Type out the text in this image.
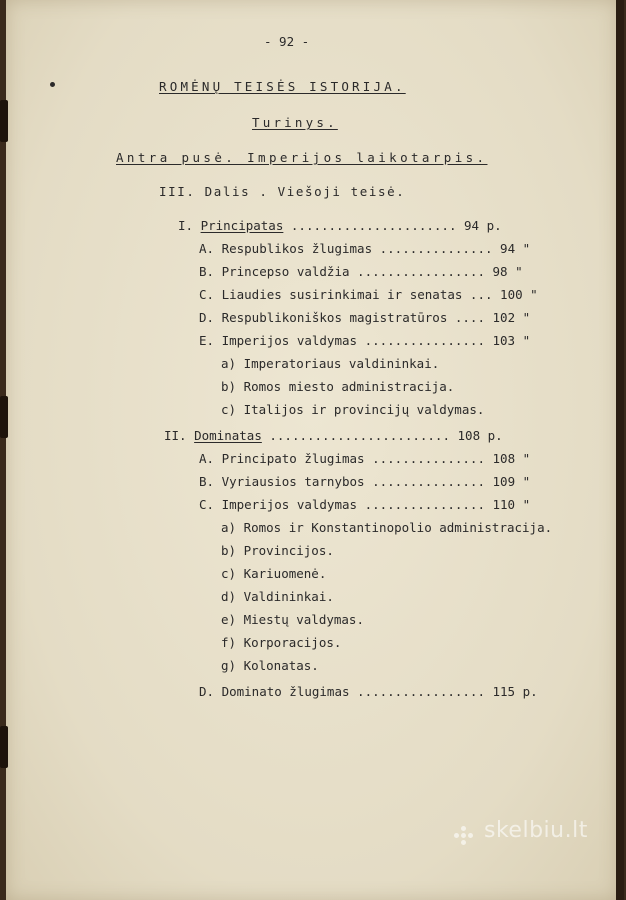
- 92 -
ROMĖNŲ TEISĖS ISTORIJA.
Turinys.
Antra pusė. Imperijos laikotarpis.
III. Dalis . Viešoji teisė.
I. Principatas ...................... 94 p.
A. Respublikos žlugimas ............... 94 "
B. Princepso valdžia ................. 98 "
C. Liaudies susirinkimai ir senatas ... 100 "
D. Respublikoniškos magistratūros .... 102 "
E. Imperijos valdymas ................ 103 "
a) Imperatoriaus valdininkai.
b) Romos miesto administracija.
c) Italijos ir provincijų valdymas.
II. Dominatas ........................ 108 p.
A. Principato žlugimas ............... 108 "
B. Vyriausios tarnybos ............... 109 "
C. Imperijos valdymas ................ 110 "
a) Romos ir Konstantinopolio administracija.
b) Provincijos.
c) Kariuomenė.
d) Valdininkai.
e) Miestų valdymas.
f) Korporacijos.
g) Kolonatas.
D. Dominato žlugimas ................. 115 p.
skelbiu.lt
